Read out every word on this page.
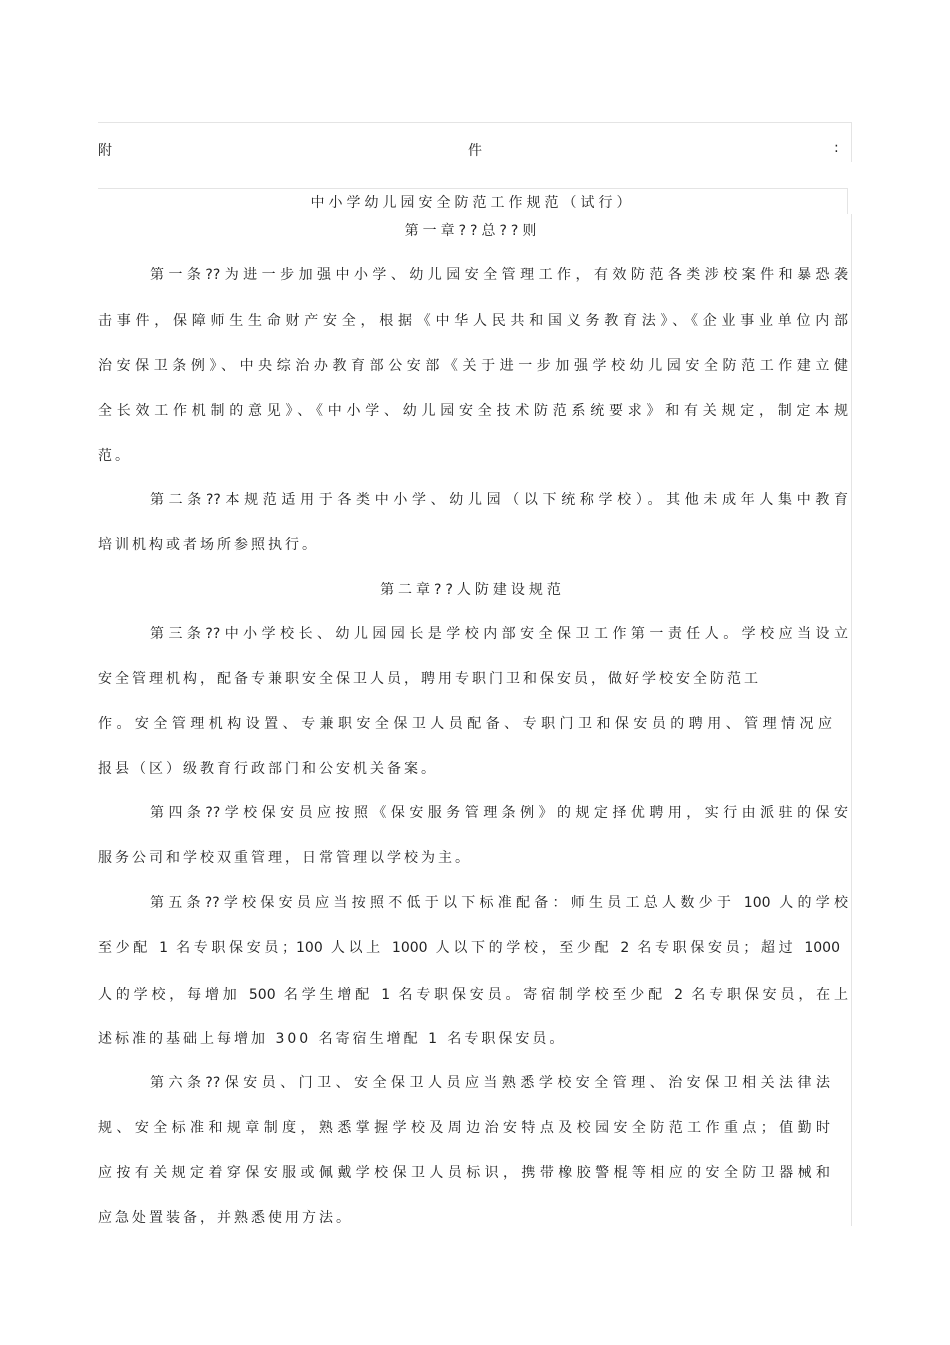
附	件	:
中小学幼儿园安全防范工作规范（试行）
第一章??总??则
第一条??为进一步加强中小学、幼儿园安全管理工作，有效防范各类涉校案件和暴恐袭
击事件，保障师生生命财产安全，根据《中华人民共和国义务教育法》、《企业事业单位内部
治安保卫条例》、中央综治办教育部公安部《关于进一步加强学校幼儿园安全防范工作建立健
全长效工作机制的意见》、《中小学、幼儿园安全技术防范系统要求》和有关规定，制定本规
范。
第二条??本规范适用于各类中小学、幼儿园（以下统称学校）。其他未成年人集中教育
培训机构或者场所参照执行。
第二章??人防建设规范
第三条??中小学校长、幼儿园园长是学校内部安全保卫工作第一责任人。学校应当设立
安全管理机构，配备专兼职安全保卫人员，聘用专职门卫和保安员，做好学校安全防范工
作。安全管理机构设置、专兼职安全保卫人员配备、专职门卫和保安员的聘用、管理情况应
报县（区）级教育行政部门和公安机关备案。
第四条??学校保安员应按照《保安服务管理条例》的规定择优聘用，实行由派驻的保安
服务公司和学校双重管理，日常管理以学校为主。
第五条??学校保安员应当按照不低于以下标准配备：师生员工总人数少于 100 人的学校
至少配 1 名专职保安员；100 人以上 1000 人以下的学校，至少配 2 名专职保安员；超过 1000
人的学校，每增加 500 名学生增配 1 名专职保安员。寄宿制学校至少配 2 名专职保安员，在上
述标准的基础上每增加 300 名寄宿生增配 1 名专职保安员。
第六条??保安员、门卫、安全保卫人员应当熟悉学校安全管理、治安保卫相关法律法
规、安全标准和规章制度，熟悉掌握学校及周边治安特点及校园安全防范工作重点；值勤时
应按有关规定着穿保安服或佩戴学校保卫人员标识，携带橡胶警棍等相应的安全防卫器械和
应急处置装备，并熟悉使用方法。
